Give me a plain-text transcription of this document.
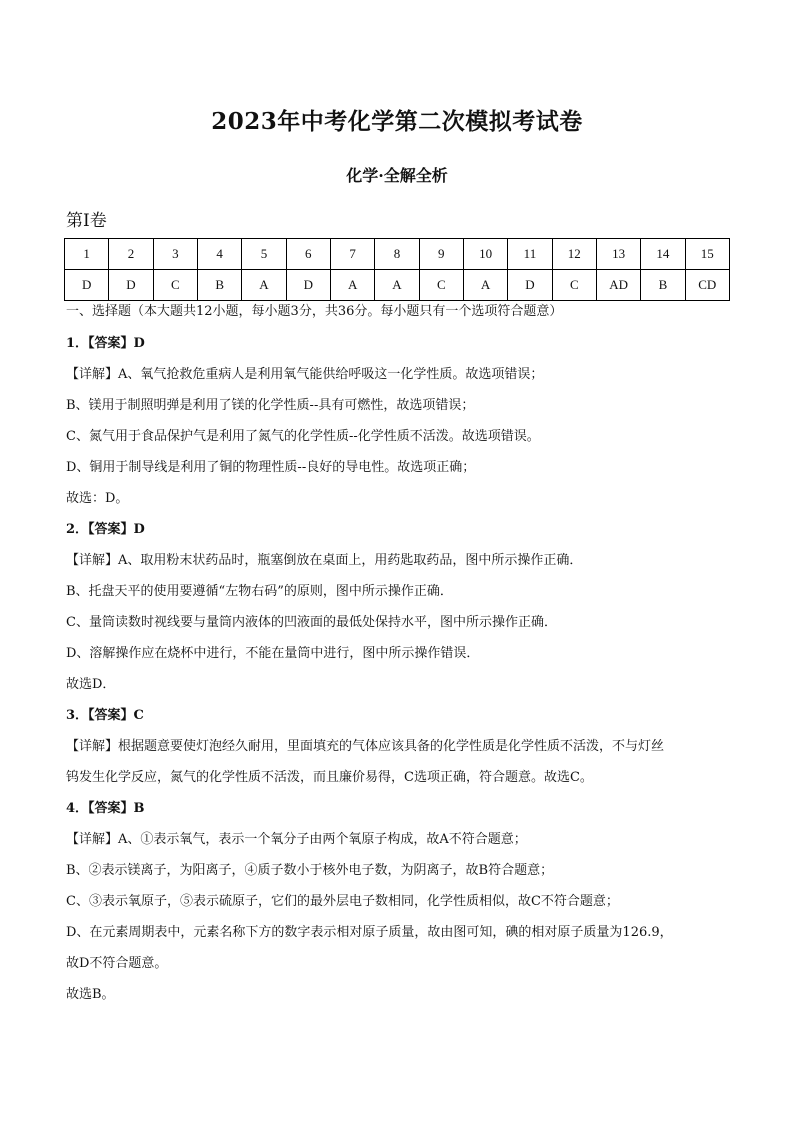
2023年中考化学第二次模拟考试卷
化学·全解全析
第Ⅰ卷
1	2	3	4	5	6	7	8	9	10	11	12	13	14	15
D	D	C	B	A	D	A	A	C	A	D	C	AD	B	CD

一、选择题（本大题共12小题，每小题3分，共36分。每小题只有一个选项符合题意）

1．【答案】D

【详解】A、氧气抢救危重病人是利用氧气能供给呼吸这一化学性质。故选项错误；

B、镁用于制照明弹是利用了镁的化学性质--具有可燃性，故选项错误；

C、氮气用于食品保护气是利用了氮气的化学性质--化学性质不活泼。故选项错误。

D、铜用于制导线是利用了铜的物理性质--良好的导电性。故选项正确；

故选：D。

2．【答案】D

【详解】A、取用粉末状药品时，瓶塞倒放在桌面上，用药匙取药品，图中所示操作正确．

B、托盘天平的使用要遵循“左物右码”的原则，图中所示操作正确．

C、量筒读数时视线要与量筒内液体的凹液面的最低处保持水平，图中所示操作正确．

D、溶解操作应在烧杯中进行，不能在量筒中进行，图中所示操作错误．

故选D．

3．【答案】C

【详解】根据题意要使灯泡经久耐用，里面填充的气体应该具备的化学性质是化学性质不活泼，不与灯丝

钨发生化学反应，氮气的化学性质不活泼，而且廉价易得，C选项正确，符合题意。故选C。

4．【答案】B

【详解】A、①表示氧气，表示一个氧分子由两个氧原子构成，故A不符合题意；

B、②表示镁离子，为阳离子，④质子数小于核外电子数，为阴离子，故B符合题意；

C、③表示氧原子，⑤表示硫原子，它们的最外层电子数相同，化学性质相似，故C不符合题意；

D、在元素周期表中，元素名称下方的数字表示相对原子质量，故由图可知，碘的相对原子质量为126.9，

故D不符合题意。

故选B。
